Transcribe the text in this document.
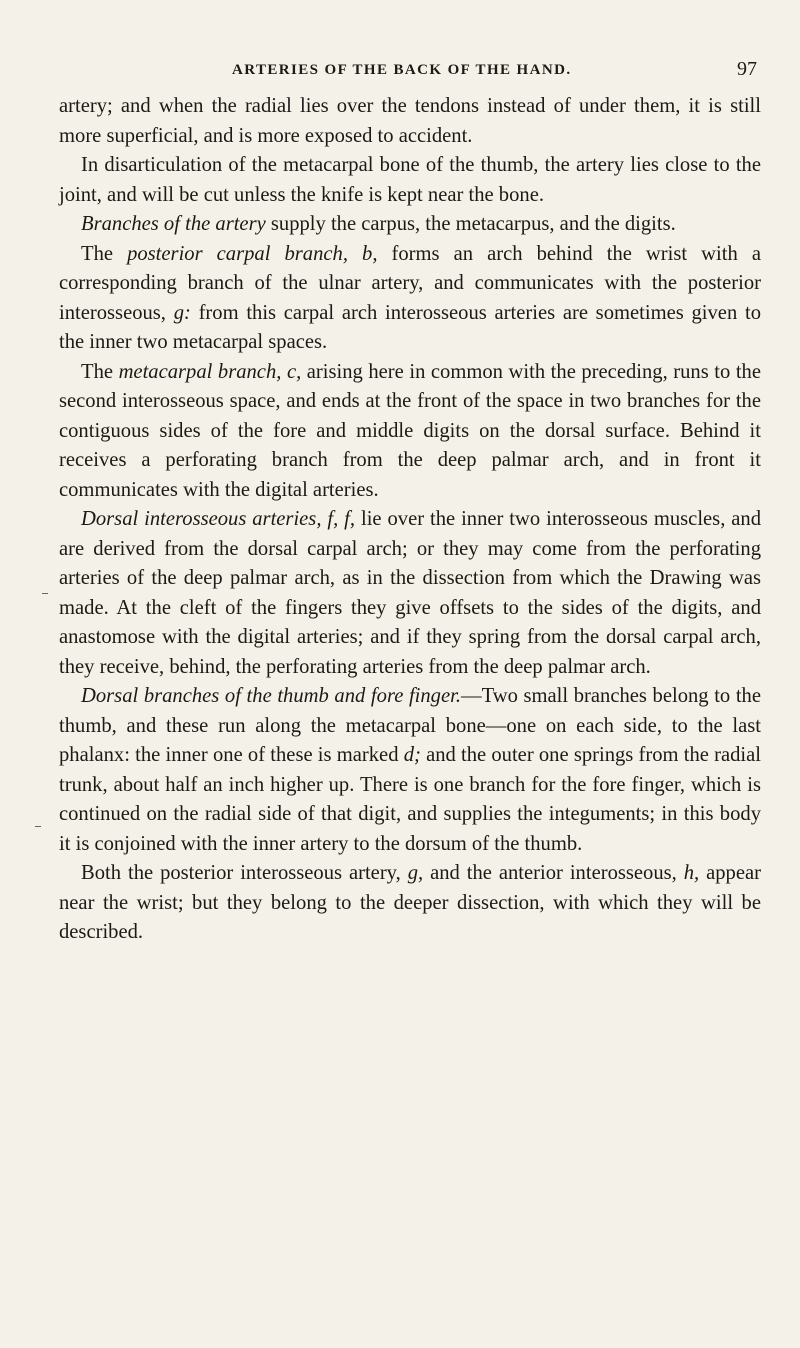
ARTERIES OF THE BACK OF THE HAND.	97

artery; and when the radial lies over the tendons instead of under them, it is still more superficial, and is more exposed to accident.

In disarticulation of the metacarpal bone of the thumb, the artery lies close to the joint, and will be cut unless the knife is kept near the bone.

Branches of the artery supply the carpus, the metacarpus, and the digits.

The posterior carpal branch, b, forms an arch behind the wrist with a corresponding branch of the ulnar artery, and communicates with the posterior interosseous, g: from this carpal arch interosseous arteries are sometimes given to the inner two metacarpal spaces.

The metacarpal branch, c, arising here in common with the preceding, runs to the second interosseous space, and ends at the front of the space in two branches for the contiguous sides of the fore and middle digits on the dorsal surface. Behind it receives a perforating branch from the deep palmar arch, and in front it communicates with the digital arteries.

Dorsal interosseous arteries, f, f, lie over the inner two interosseous muscles, and are derived from the dorsal carpal arch; or they may come from the perforating arteries of the deep palmar arch, as in the dissection from which the Drawing was made. At the cleft of the fingers they give offsets to the sides of the digits, and anastomose with the digital arteries; and if they spring from the dorsal carpal arch, they receive, behind, the perforating arteries from the deep palmar arch.

Dorsal branches of the thumb and fore finger.—Two small branches belong to the thumb, and these run along the metacarpal bone—one on each side, to the last phalanx: the inner one of these is marked d; and the outer one springs from the radial trunk, about half an inch higher up. There is one branch for the fore finger, which is continued on the radial side of that digit, and supplies the integuments; in this body it is conjoined with the inner artery to the dorsum of the thumb.

Both the posterior interosseous artery, g, and the anterior interosseous, h, appear near the wrist; but they belong to the deeper dissection, with which they will be described.
